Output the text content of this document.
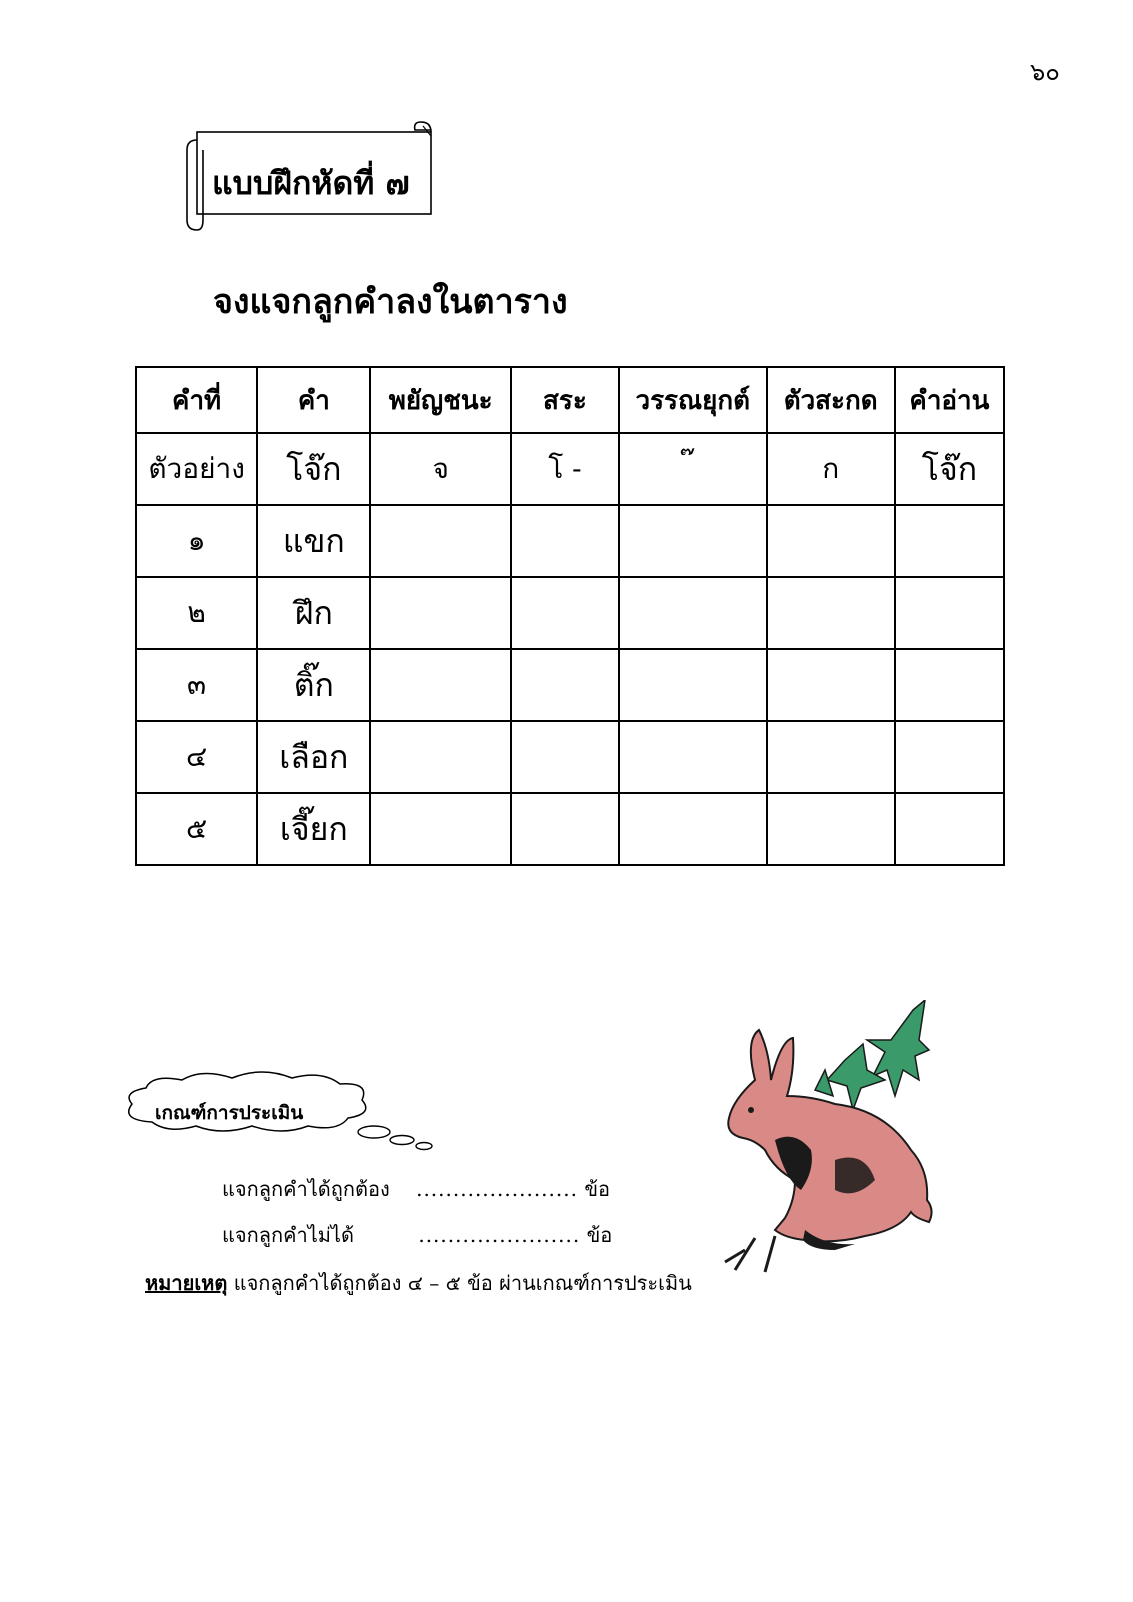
๖๐
แบบฝึกหัดที่ ๗
จงแจกลูกคำลงในตาราง
คำที่	คำ	พยัญชนะ	สระ	วรรณยุกต์	ตัวสะกด	คำอ่าน
ตัวอย่าง	โจ๊ก	จ	โ -		ก	โจ๊ก
๑	แขก					
๒	ฝึก					
๓	ติ๊ก					
๔	เลือก					
๕	เจี๊ยก					
เกณฑ์การประเมิน
แจกลูกคำได้ถูกต้อง ...................... ข้อ
แจกลูกคำไม่ได้	...................... ข้อ
หมายเหตุ แจกลูกคำได้ถูกต้อง ๔ – ๕ ข้อ ผ่านเกณฑ์การประเมิน
